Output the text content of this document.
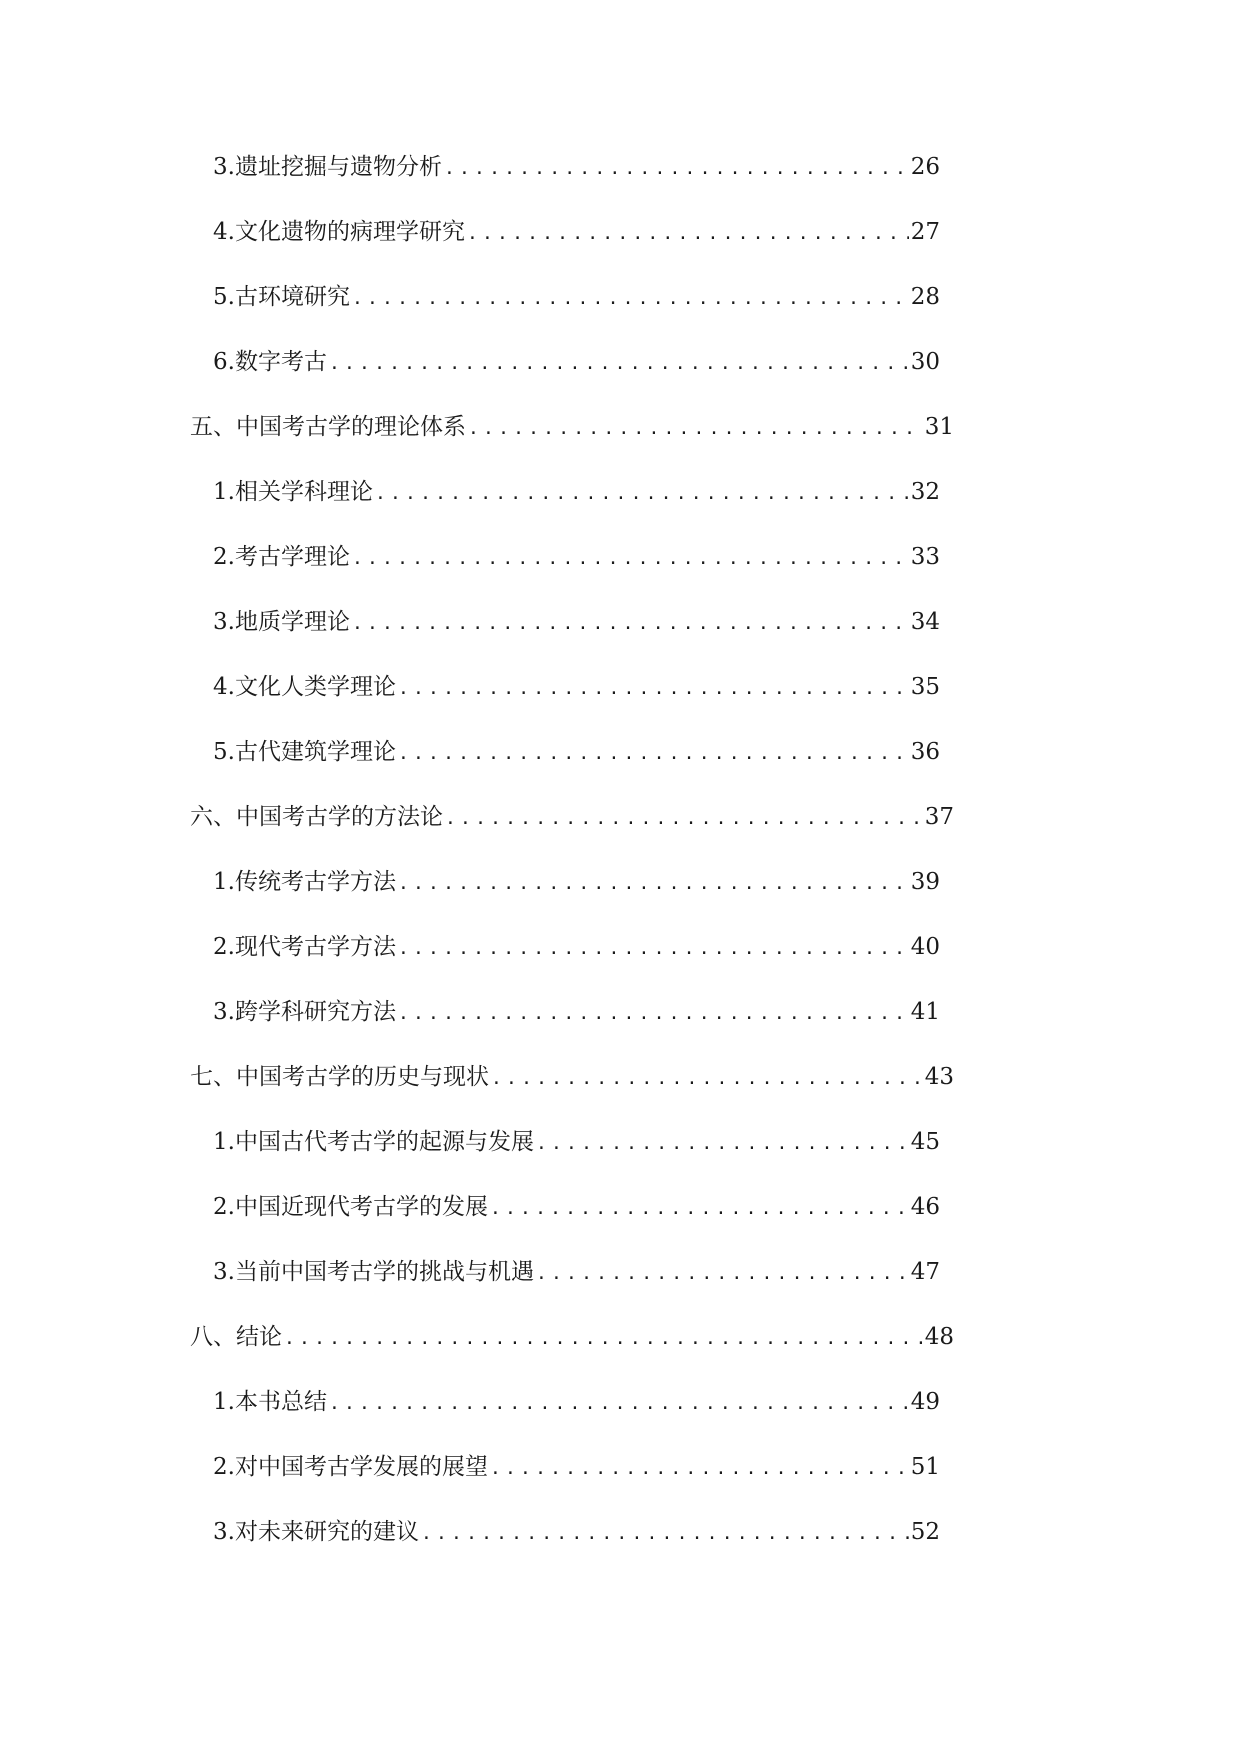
3. 遗址挖掘与遗物分析 .....	26
4. 文化遗物的病理学研究 .....	27
5. 古环境研究 .....	28
6. 数字考古 .....	30
五、中国考古学的理论体系 .....	31
1. 相关学科理论 .....	32
2. 考古学理论 .....	33
3. 地质学理论 .....	34
4. 文化人类学理论 .....	35
5. 古代建筑学理论 .....	36
六、中国考古学的方法论 .....	37
1. 传统考古学方法 .....	39
2. 现代考古学方法 .....	40
3. 跨学科研究方法 .....	41
七、中国考古学的历史与现状 .....	43
1. 中国古代考古学的起源与发展 .....	45
2. 中国近现代考古学的发展 .....	46
3. 当前中国考古学的挑战与机遇 .....	47
八、结论 .....	48
1. 本书总结 .....	49
2. 对中国考古学发展的展望 .....	51
3. 对未来研究的建议 .....	52
